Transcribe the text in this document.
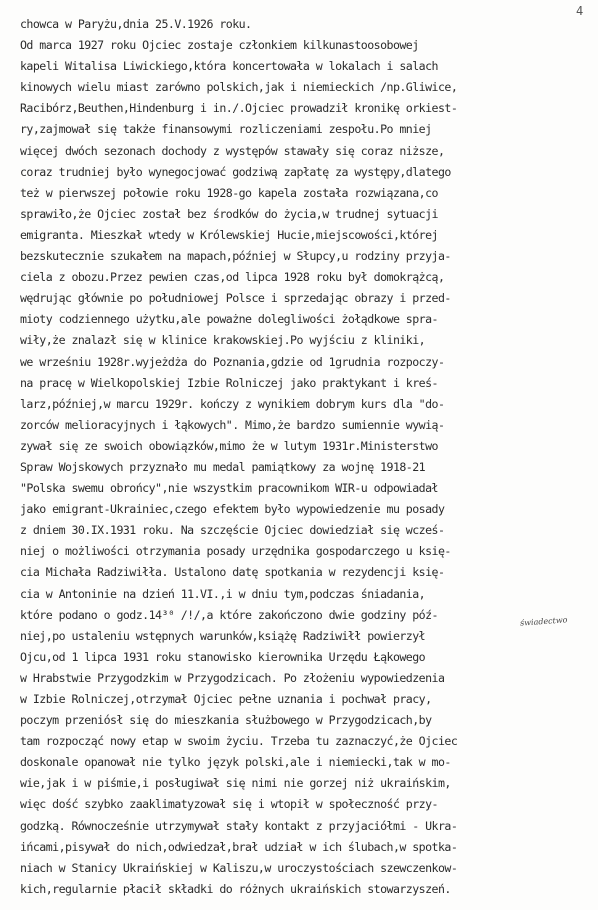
4
świadectwo
chowca w Paryżu,dnia 25.V.1926 roku.
Od marca 1927 roku Ojciec zostaje członkiem kilkunastoosobowej
kapeli Witalisa Liwickiego,która koncertowała w lokalach i salach
kinowych wielu miast zarówno polskich,jak i niemieckich /np.Gliwice,
Racibórz,Beuthen,Hindenburg i in./.Ojciec prowadził kronikę orkiest-
ry,zajmował się także finansowymi rozliczeniami zespołu.Po mniej
więcej dwóch sezonach dochody z występów stawały się coraz niższe,
coraz trudniej było wynegocjować godziwą zapłatę za występy,dlatego
też w pierwszej połowie roku 1928-go kapela została rozwiązana,co
sprawiło,że Ojciec został bez środków do życia,w trudnej sytuacji
emigranta. Mieszkał wtedy w Królewskiej Hucie,miejscowości,której
bezskutecznie szukałem na mapach,później w Słupcy,u rodziny przyja-
ciela z obozu.Przez pewien czas,od lipca 1928 roku był domokrążcą,
wędrując głównie po południowej Polsce i sprzedając obrazy i przed-
mioty codziennego użytku,ale poważne dolegliwości żołądkowe spra-
wiły,że znalazł się w klinice krakowskiej.Po wyjściu z kliniki,
we wrześniu 1928r.wyjeżdża do Poznania,gdzie od 1grudnia rozpoczy-
na pracę w Wielkopolskiej Izbie Rolniczej jako praktykant i kreś-
larz,później,w marcu 1929r. kończy z wynikiem dobrym kurs dla "do-
zorców melioracyjnych i łąkowych". Mimo,że bardzo sumiennie wywią-
zywał się ze swoich obowiązków,mimo że w lutym 1931r.Ministerstwo
Spraw Wojskowych przyznało mu medal pamiątkowy za wojnę 1918-21
"Polska swemu obrońcy",nie wszystkim pracownikom WIR-u odpowiadał
jako emigrant-Ukrainiec,czego efektem było wypowiedzenie mu posady
z dniem 30.IX.1931 roku. Na szczęście Ojciec dowiedział się wcześ-
niej o możliwości otrzymania posady urzędnika gospodarczego u księ-
cia Michała Radziwiłła. Ustalono datę spotkania w rezydencji księ-
cia w Antoninie na dzień 11.VI.,i w dniu tym,podczas śniadania,
które podano o godz.14³⁰ /!/,a które zakończono dwie godziny póź-
niej,po ustaleniu wstępnych warunków,książę Radziwiłł powierzył
Ojcu,od 1 lipca 1931 roku stanowisko kierownika Urzędu Łąkowego
w Hrabstwie Przygodzkim w Przygodzicach. Po złożeniu wypowiedzenia
w Izbie Rolniczej,otrzymał Ojciec pełne uznania i pochwał pracy,
poczym przeniósł się do mieszkania służbowego w Przygodzicach,by
tam rozpocząć nowy etap w swoim życiu. Trzeba tu zaznaczyć,że Ojciec
doskonale opanował nie tylko język polski,ale i niemiecki,tak w mo-
wie,jak i w piśmie,i posługiwał się nimi nie gorzej niż ukraińskim,
więc dość szybko zaaklimatyzował się i wtopił w społeczność przy-
godzką. Równocześnie utrzymywał stały kontakt z przyjaciółmi - Ukra-
ińcami,pisywał do nich,odwiedzał,brał udział w ich ślubach,w spotka-
niach w Stanicy Ukraińskiej w Kaliszu,w uroczystościach szewczenkow-
kich,regularnie płacił składki do różnych ukraińskich stowarzyszeń.
